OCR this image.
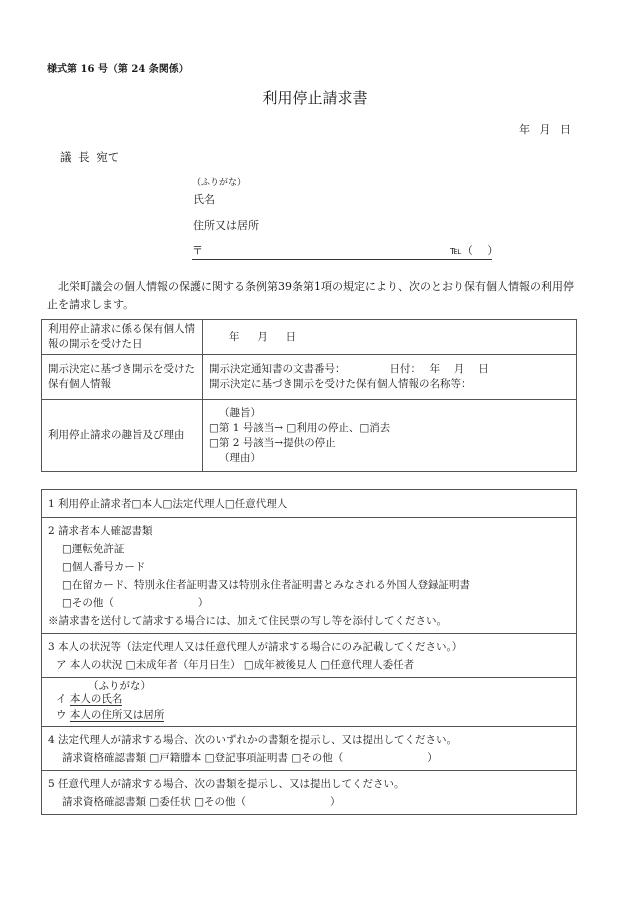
様式第 16 号（第 24 条関係）
利用停止請求書
年 月 日
議 長 宛て
（ふりがな）
氏名
住所又は居所
〒	℡（　 ）
北栄町議会の個人情報の保護に関する条例第39条第1項の規定により、次のとおり保有個人情報の利用停止を請求します。
利用停止請求に係る保有個人情報の開示を受けた日	年　 月　 日
開示決定に基づき開示を受けた保有個人情報	開示決定通知書の文書番号： 日付：　 年　 月　 日
開示決定に基づき開示を受けた保有個人情報の名称等：

利用停止請求の趣旨及び理由	（趣旨）
□第 1 号該当→ □利用の停止、□消去
□第 2 号該当→提供の停止
（理由）
1 利用停止請求者□本人□法定代理人□任意代理人
2 請求者本人確認書類
□運転免許証
□個人番号カード
□在留カード、特別永住者証明書又は特別永住者証明書とみなされる外国人登録証明書
□その他（　　　　　　　　）
※請求書を送付して請求する場合には、加えて住民票の写し等を添付してください。
3 本人の状況等（法定代理人又は任意代理人が請求する場合にのみ記載してください。）
ア 本人の状況 □未成年者（年月日生） □成年被後見人 □任意代理人委任者
（ふりがな）
イ 本人の氏名
ウ 本人の住所又は居所
4 法定代理人が請求する場合、次のいずれかの書類を提示し、又は提出してください。
請求資格確認書類 □戸籍謄本 □登記事項証明書 □その他（　　　　　　　　）
5 任意代理人が請求する場合、次の書類を提示し、又は提出してください。
請求資格確認書類 □委任状 □その他（　　　　　　　　）
